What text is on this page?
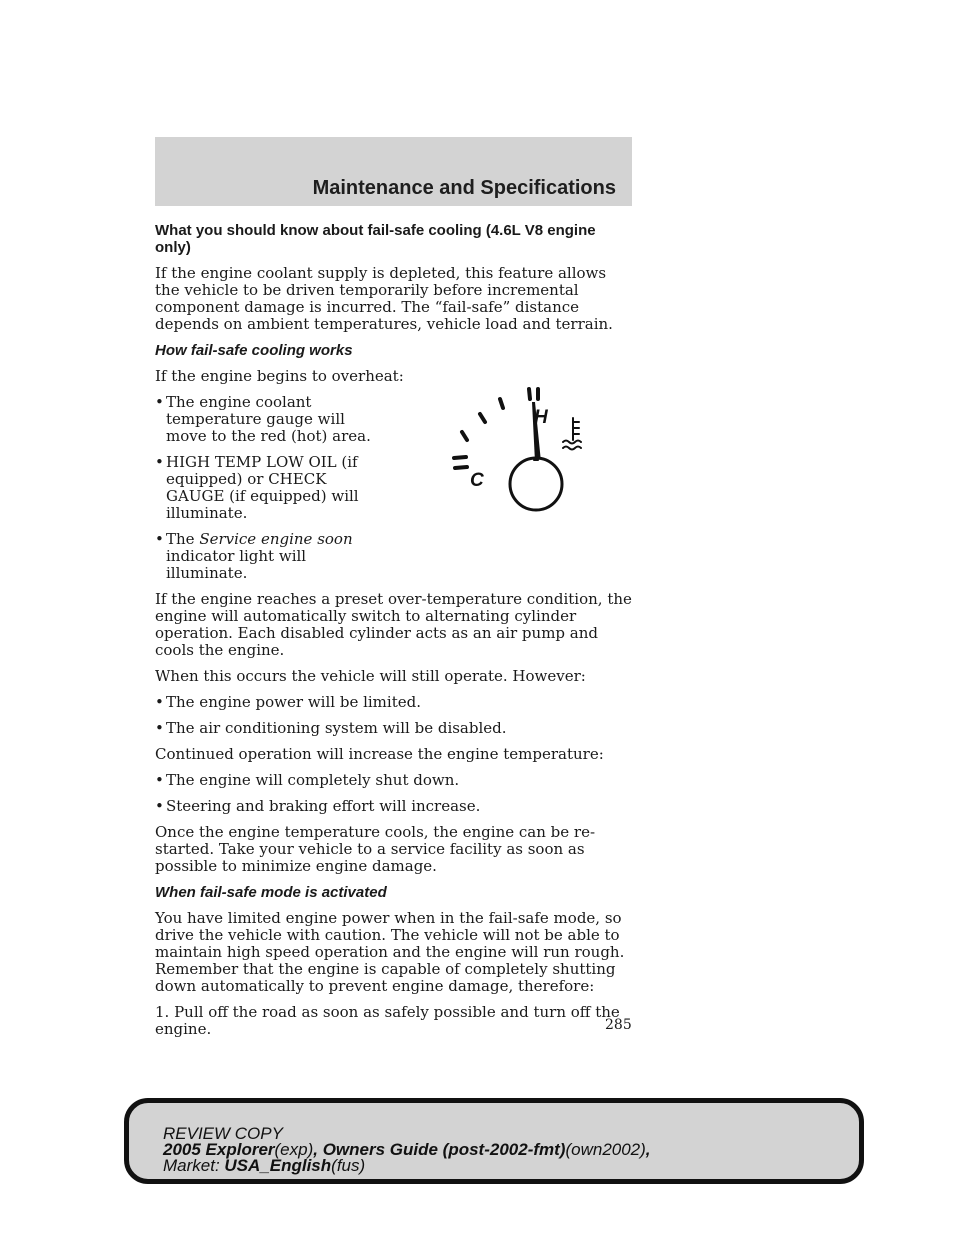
Maintenance and Specifications
What you should know about fail-safe cooling (4.6L V8 engine only)

If the engine coolant supply is depleted, this feature allows the vehicle to be driven temporarily before incremental component damage is incurred. The “fail-safe” distance depends on ambient temperatures, vehicle load and terrain.

How fail-safe cooling works

If the engine begins to overheat:

• The engine coolant temperature gauge will move to the red (hot) area.
• HIGH TEMP LOW OIL (if equipped) or CHECK GAUGE (if equipped) will illuminate.
• The Service engine soon indicator light will illuminate.

If the engine reaches a preset over-temperature condition, the engine will automatically switch to alternating cylinder operation. Each disabled cylinder acts as an air pump and cools the engine.

When this occurs the vehicle will still operate. However:

• The engine power will be limited.
• The air conditioning system will be disabled.

Continued operation will increase the engine temperature:

• The engine will completely shut down.
• Steering and braking effort will increase.

Once the engine temperature cools, the engine can be re-started. Take your vehicle to a service facility as soon as possible to minimize engine damage.

When fail-safe mode is activated

You have limited engine power when in the fail-safe mode, so drive the vehicle with caution. The vehicle will not be able to maintain high speed operation and the engine will run rough. Remember that the engine is capable of completely shutting down automatically to prevent engine damage, therefore:

1. Pull off the road as soon as safely possible and turn off the engine.

H
C
285
REVIEW COPY
2005 Explorer(exp), Owners Guide (post-2002-fmt)(own2002),
Market: USA_English(fus)
